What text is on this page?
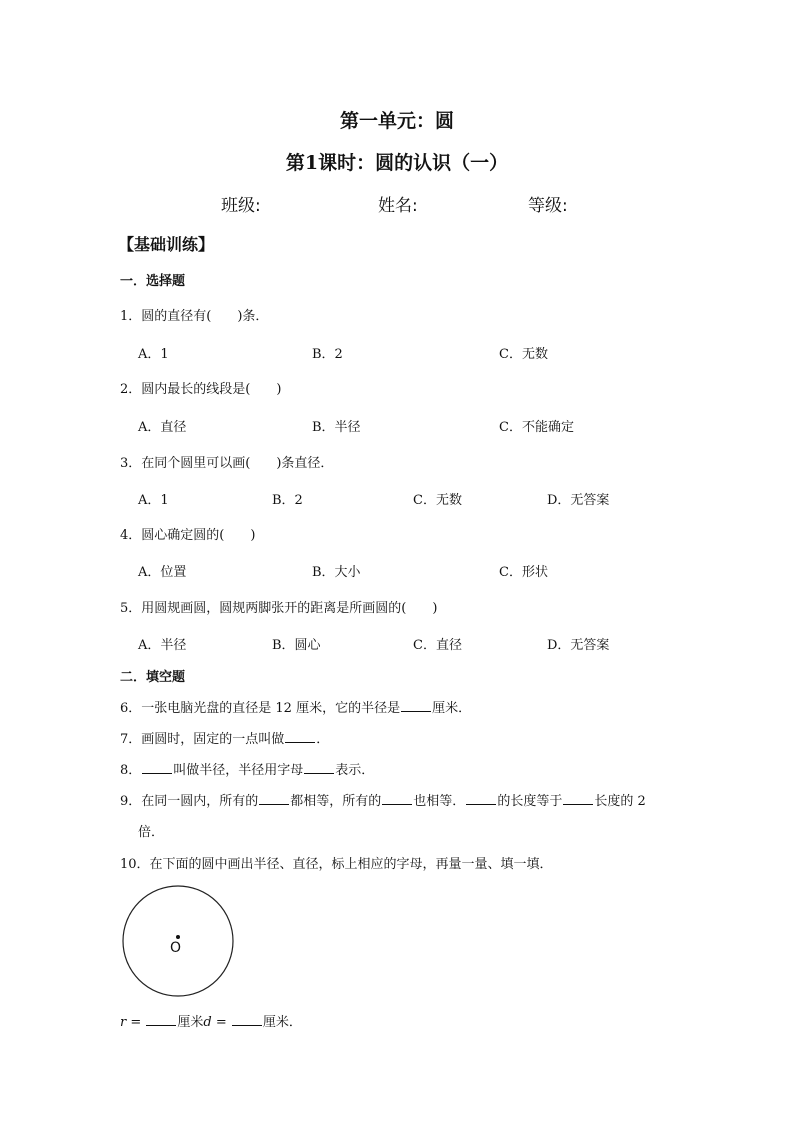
第一单元：圆
第1课时：圆的认识（一）
班级:	姓名:	等级:
【基础训练】
一．选择题
1．圆的直径有(　　)条．
A．1	B．2	C．无数
2．圆内最长的线段是(　　)
A．直径	B．半径	C．不能确定
3．在同个圆里可以画(　　)条直径．
A．1	B．2	C．无数	D．无答案
4．圆心确定圆的(　　)
A．位置	B．大小	C．形状
5．用圆规画圆，圆规两脚张开的距离是所画圆的(　　)
A．半径	B．圆心	C．直径	D．无答案
二．填空题
6．一张电脑光盘的直径是 12 厘米，它的半径是 厘米．
7．画圆时，固定的一点叫做 ．
8． 叫做半径，半径用字母 表示．
9．在同一圆内，所有的 都相等，所有的 也相等． 的长度等于 长度的 2
倍．
10．在下面的圆中画出半径、直径，标上相应的字母，再量一量、填一填．
O
r = 厘米d = 厘米．
